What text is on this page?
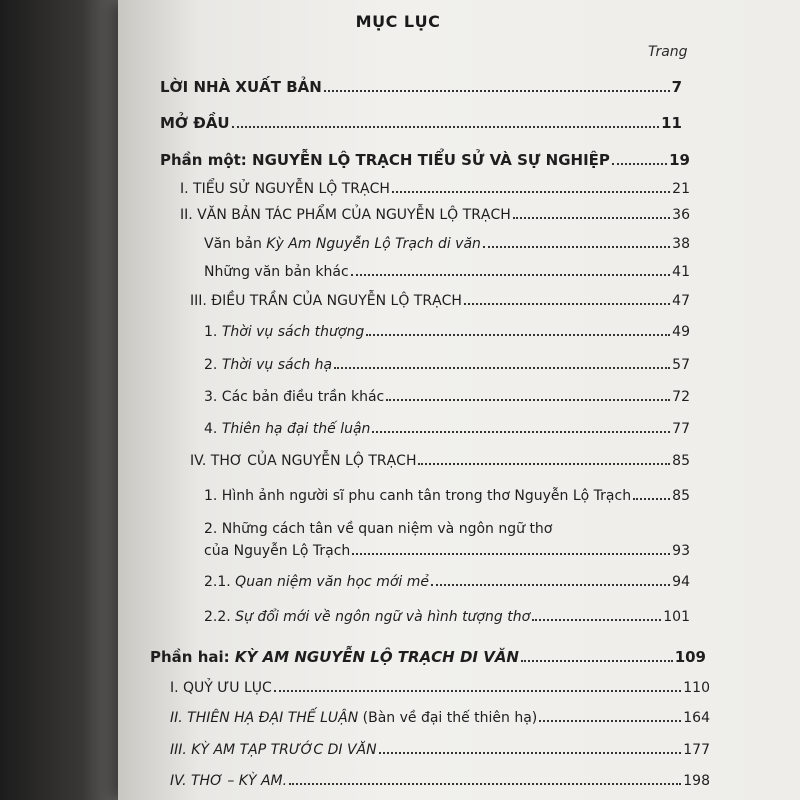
MỤC LỤC
Trang
LỜI NHÀ XUẤT BẢN	7
MỞ ĐẦU	11
Phần một: NGUYỄN LỘ TRẠCH TIỂU SỬ VÀ SỰ NGHIỆP	19
I. TIỂU SỬ NGUYỄN LỘ TRẠCH	21
II. VĂN BẢN TÁC PHẨM CỦA NGUYỄN LỘ TRẠCH	36
Văn bản Kỳ Am Nguyễn Lộ Trạch di văn	38
Những văn bản khác	41
III. ĐIỀU TRẦN CỦA NGUYỄN LỘ TRẠCH	47
1. Thời vụ sách thượng	49
2. Thời vụ sách hạ	57
3. Các bản điều trần khác	72
4. Thiên hạ đại thế luận	77
IV. THƠ CỦA NGUYỄN LỘ TRẠCH	85
1. Hình ảnh người sĩ phu canh tân trong thơ Nguyễn Lộ Trạch	85
2. Những cách tân về quan niệm và ngôn ngữ thơ
của Nguyễn Lộ Trạch	93
2.1. Quan niệm văn học mới mẻ	94
2.2. Sự đổi mới về ngôn ngữ và hình tượng thơ	101
Phần hai: KỲ AM NGUYỄN LỘ TRẠCH DI VĂN	109
I. QUỶ ƯU LỤC	110
II. THIÊN HẠ ĐẠI THẾ LUẬN (Bàn về đại thế thiên hạ)	164
III. KỲ AM TẠP TRƯỚC DI VĂN	177
IV. THƠ – KỲ AM.	198
